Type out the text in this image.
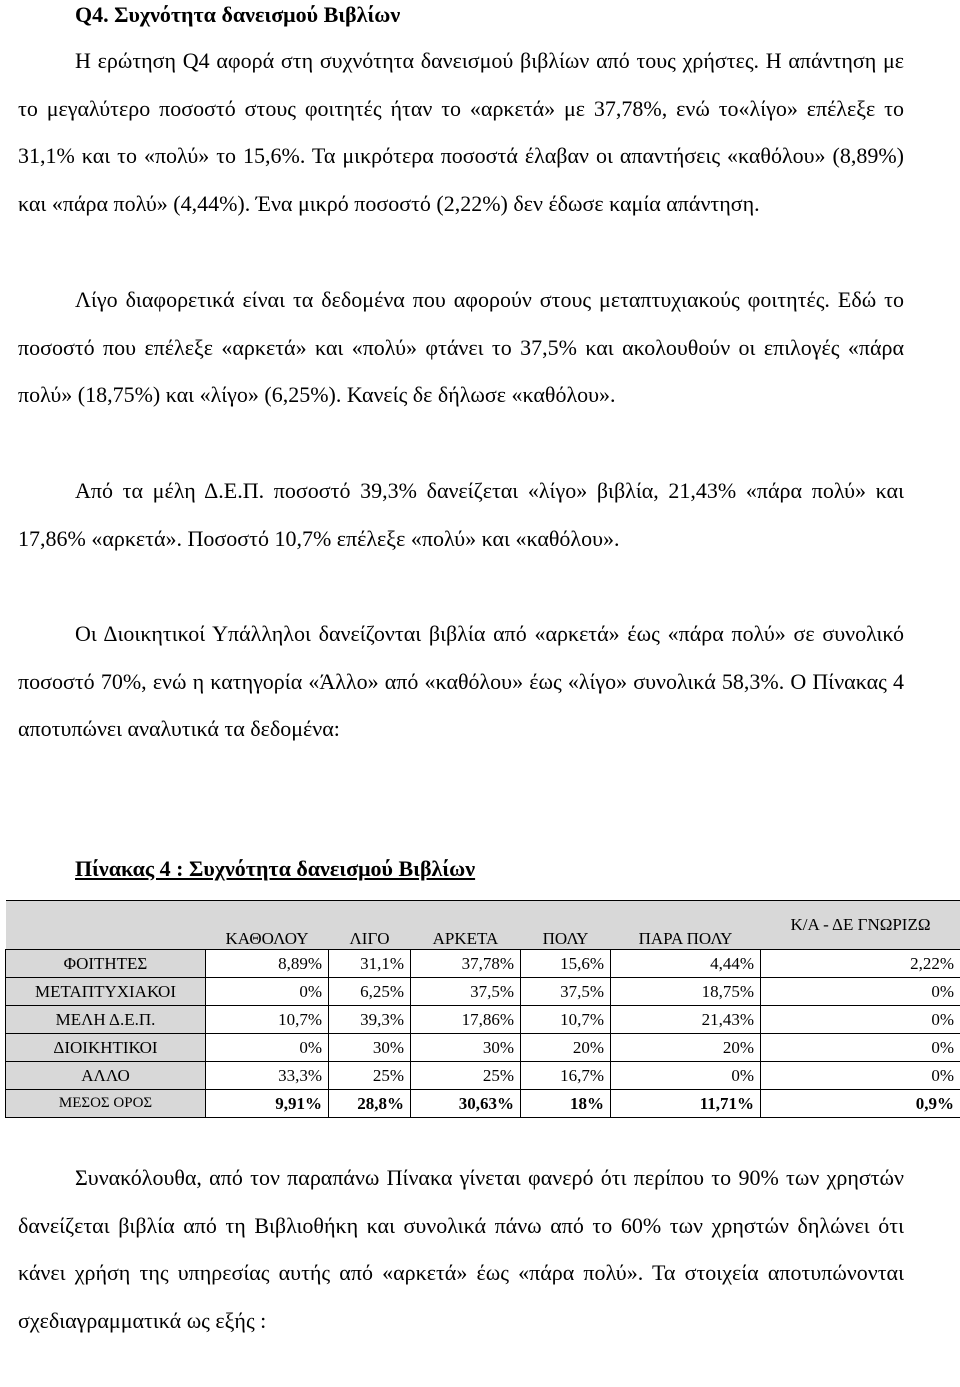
Q4. Συχνότητα δανεισμού Βιβλίων

Η ερώτηση Q4 αφορά στη συχνότητα δανεισμού βιβλίων από τους χρήστες. Η απάντηση με το μεγαλύτερο ποσοστό στους φοιτητές ήταν το «αρκετά» με 37,78%, ενώ το«λίγο» επέλεξε το 31,1% και το «πολύ» το 15,6%. Τα μικρότερα ποσοστά έλαβαν οι απαντήσεις «καθόλου» (8,89%) και «πάρα πολύ» (4,44%). Ένα μικρό ποσοστό (2,22%) δεν έδωσε καμία απάντηση.

Λίγο διαφορετικά είναι τα δεδομένα που αφορούν στους μεταπτυχιακούς φοιτητές. Εδώ το ποσοστό που επέλεξε «αρκετά» και «πολύ» φτάνει το 37,5% και ακολουθούν οι επιλογές «πάρα πολύ» (18,75%) και «λίγο» (6,25%). Κανείς δε δήλωσε «καθόλου».

Από τα μέλη Δ.Ε.Π. ποσοστό 39,3% δανείζεται «λίγο» βιβλία, 21,43% «πάρα πολύ» και 17,86% «αρκετά». Ποσοστό 10,7% επέλεξε «πολύ» και «καθόλου».

Οι Διοικητικοί Υπάλληλοι δανείζονται βιβλία από «αρκετά» έως «πάρα πολύ» σε συνολικό ποσοστό 70%, ενώ η κατηγορία «Άλλο» από «καθόλου» έως «λίγο» συνολικά 58,3%. Ο Πίνακας 4 αποτυπώνει αναλυτικά τα δεδομένα:

Πίνακας 4 : Συχνότητα δανεισμού Βιβλίων
	ΚΑΘΟΛΟΥ	ΛΙΓΟ	ΑΡΚΕΤΑ	ΠΟΛΥ	ΠΑΡΑ ΠΟΛΥ	Κ/Α - ΔΕ ΓΝΩΡΙΖΩ
ΦΟΙΤΗΤΕΣ	8,89%	31,1%	37,78%	15,6%	4,44%	2,22%
ΜΕΤΑΠΤΥΧΙΑΚΟΙ	0%	6,25%	37,5%	37,5%	18,75%	0%
ΜΕΛΗ Δ.Ε.Π.	10,7%	39,3%	17,86%	10,7%	21,43%	0%
ΔΙΟΙΚΗΤΙΚΟΙ	0%	30%	30%	20%	20%	0%
ΑΛΛΟ	33,3%	25%	25%	16,7%	0%	0%
ΜΕΣΟΣ ΟΡΟΣ	9,91%	28,8%	30,63%	18%	11,71%	0,9%

Συνακόλουθα, από τον παραπάνω Πίνακα γίνεται φανερό ότι περίπου το 90% των χρηστών δανείζεται βιβλία από τη Βιβλιοθήκη και συνολικά πάνω από το 60% των χρηστών δηλώνει ότι κάνει χρήση της υπηρεσίας αυτής από «αρκετά» έως «πάρα πολύ». Τα στοιχεία αποτυπώνονται σχεδιαγραμματικά ως εξής :
